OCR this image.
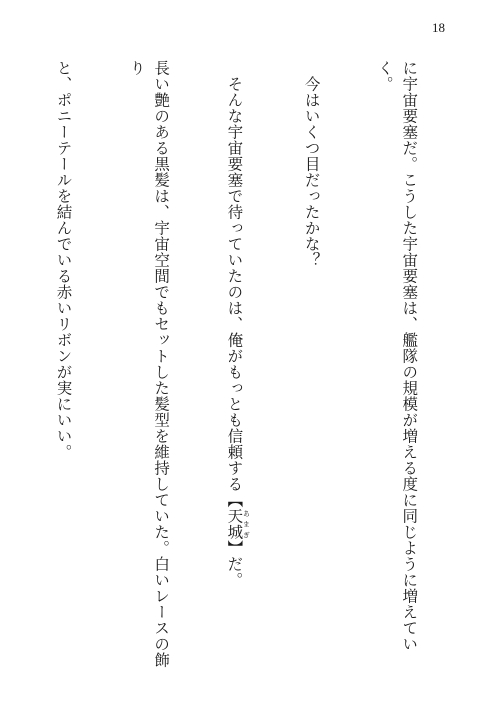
18

に宇宙要塞だ。こうした宇宙要塞は、艦隊の規模が増える度に同じように増えていく。

　今はいくつ目だったかな？

　そんな宇宙要塞で待っていたのは、俺がもっとも信頼する【天城 あまぎ】だ。

長い艶のある黒髪は、宇宙空間でもセットした髪型を維持していた。白いレースの飾り

と、ポニーテールを結んでいる赤いリボンが実にいい。
